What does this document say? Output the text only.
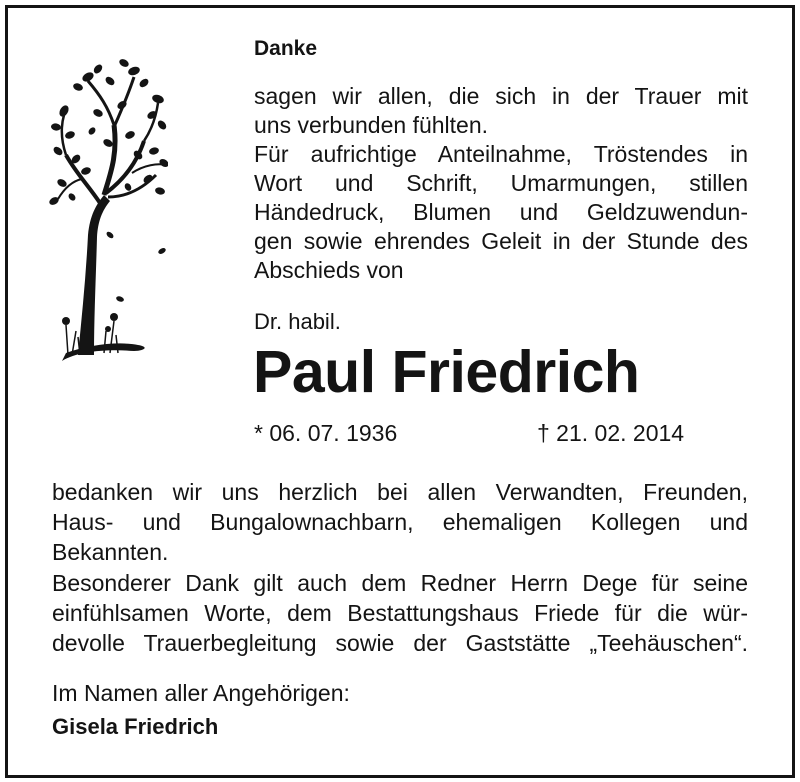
Danke
sagen wir allen, die sich in der Trauer mit
uns verbunden fühlten.
Für aufrichtige Anteilnahme, Tröstendes in
Wort und Schrift, Umarmungen, stillen
Händedruck, Blumen und Geldzuwendun-
gen sowie ehrendes Geleit in der Stunde des
Abschieds von
Dr. habil.
Paul Friedrich
* 06. 07. 1936	† 21. 02. 2014
bedanken wir uns herzlich bei allen Verwandten, Freunden,
Haus- und Bungalownachbarn, ehemaligen Kollegen und
Bekannten.
Besonderer Dank gilt auch dem Redner Herrn Dege für seine
einfühlsamen Worte, dem Bestattungshaus Friede für die wür-
devolle Trauerbegleitung sowie der Gaststätte „Teehäuschen“.
Im Namen aller Angehörigen:
Gisela Friedrich
